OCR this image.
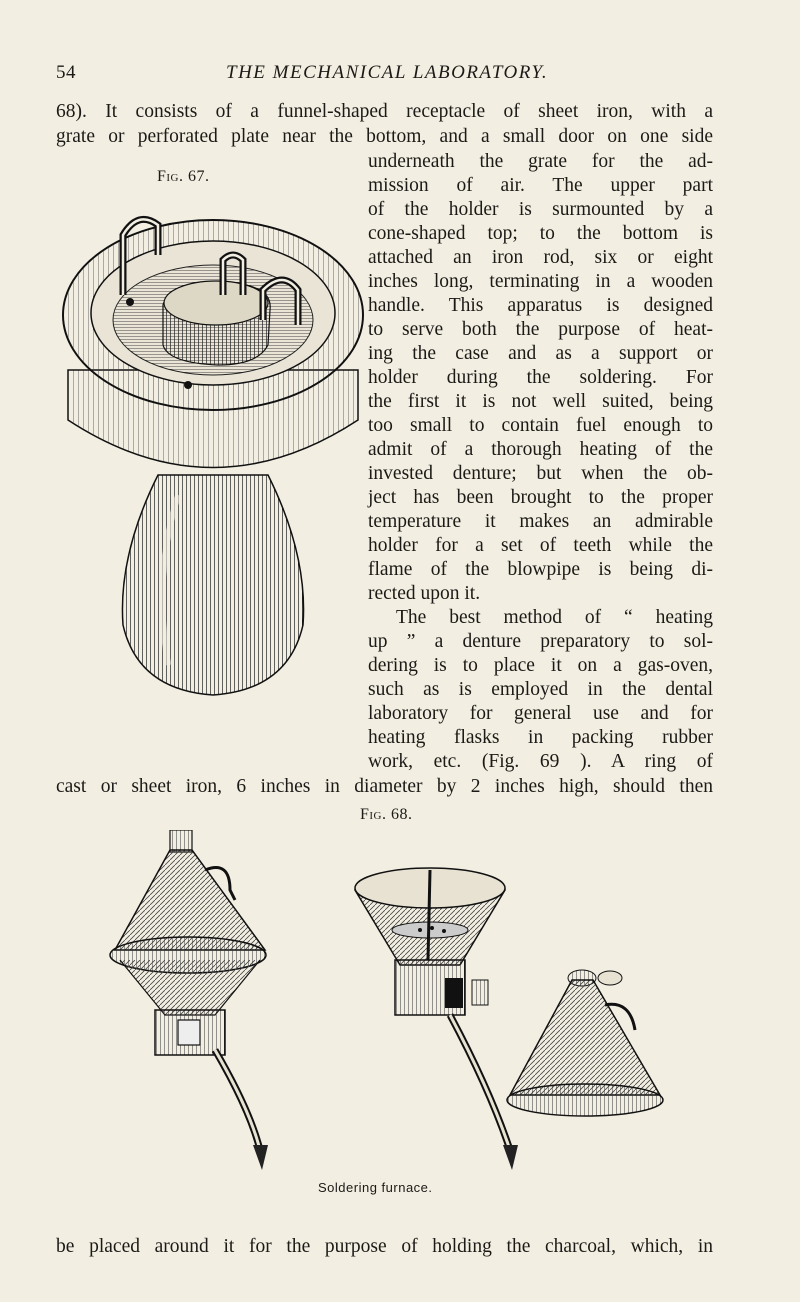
54	THE MECHANICAL LABORATORY.
68). It consists of a funnel-shaped receptacle of sheet iron, with a
grate or perforated plate near the bottom, and a small door on one side
underneath the grate for the ad-
mission of air. The upper part
of the holder is surmounted by a
cone-shaped top; to the bottom is
attached an iron rod, six or eight
inches long, terminating in a wooden
handle. This apparatus is designed
to serve both the purpose of heat-
ing the case and as a support or
holder during the soldering. For
the first it is not well suited, being
too small to contain fuel enough to
admit of a thorough heating of the
invested denture; but when the ob-
ject has been brought to the proper
temperature it makes an admirable
holder for a set of teeth while the
flame of the blowpipe is being di-
rected upon it.
The best method of “ heating
up ” a denture preparatory to sol-
dering is to place it on a gas-oven,
such as is employed in the dental
laboratory for general use and for
heating flasks in packing rubber
work, etc. (Fig. 69 ). A ring of
cast or sheet iron, 6 inches in diameter by 2 inches high, should then
be placed around it for the purpose of holding the charcoal, which, in
Fig. 67.
Fig. 68.
Soldering furnace.
